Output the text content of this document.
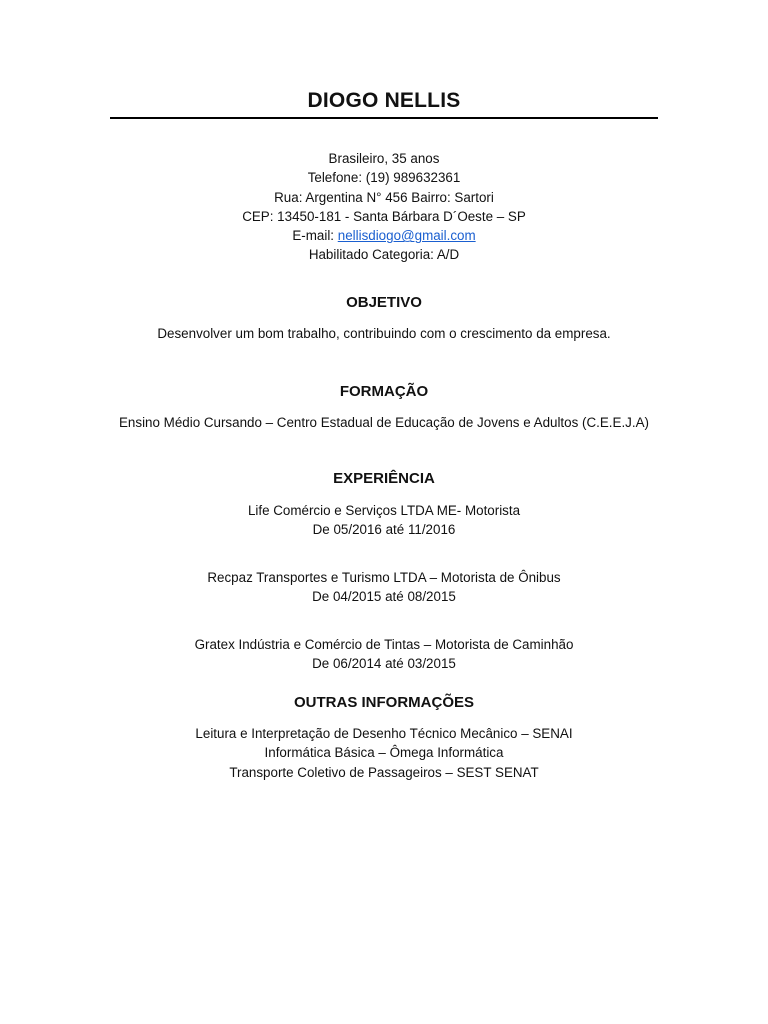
DIOGO NELLIS
Brasileiro, 35 anos
Telefone: (19) 989632361
Rua: Argentina N° 456 Bairro: Sartori
CEP: 13450-181 - Santa Bárbara D´Oeste – SP
E-mail: nellisdiogo@gmail.com
Habilitado Categoria: A/D
OBJETIVO
Desenvolver um bom trabalho, contribuindo com o crescimento da empresa.
FORMAÇÃO
Ensino Médio Cursando – Centro Estadual de Educação de Jovens e Adultos (C.E.E.J.A)
EXPERIÊNCIA
Life Comércio e Serviços LTDA ME- Motorista
De 05/2016 até 11/2016
Recpaz Transportes e Turismo LTDA – Motorista de Ônibus
De 04/2015 até 08/2015
Gratex Indústria e Comércio de Tintas – Motorista de Caminhão
De 06/2014 até 03/2015
OUTRAS INFORMAÇÕES
Leitura e Interpretação de Desenho Técnico Mecânico – SENAI
Informática Básica – Ômega Informática
Transporte Coletivo de Passageiros – SEST SENAT
